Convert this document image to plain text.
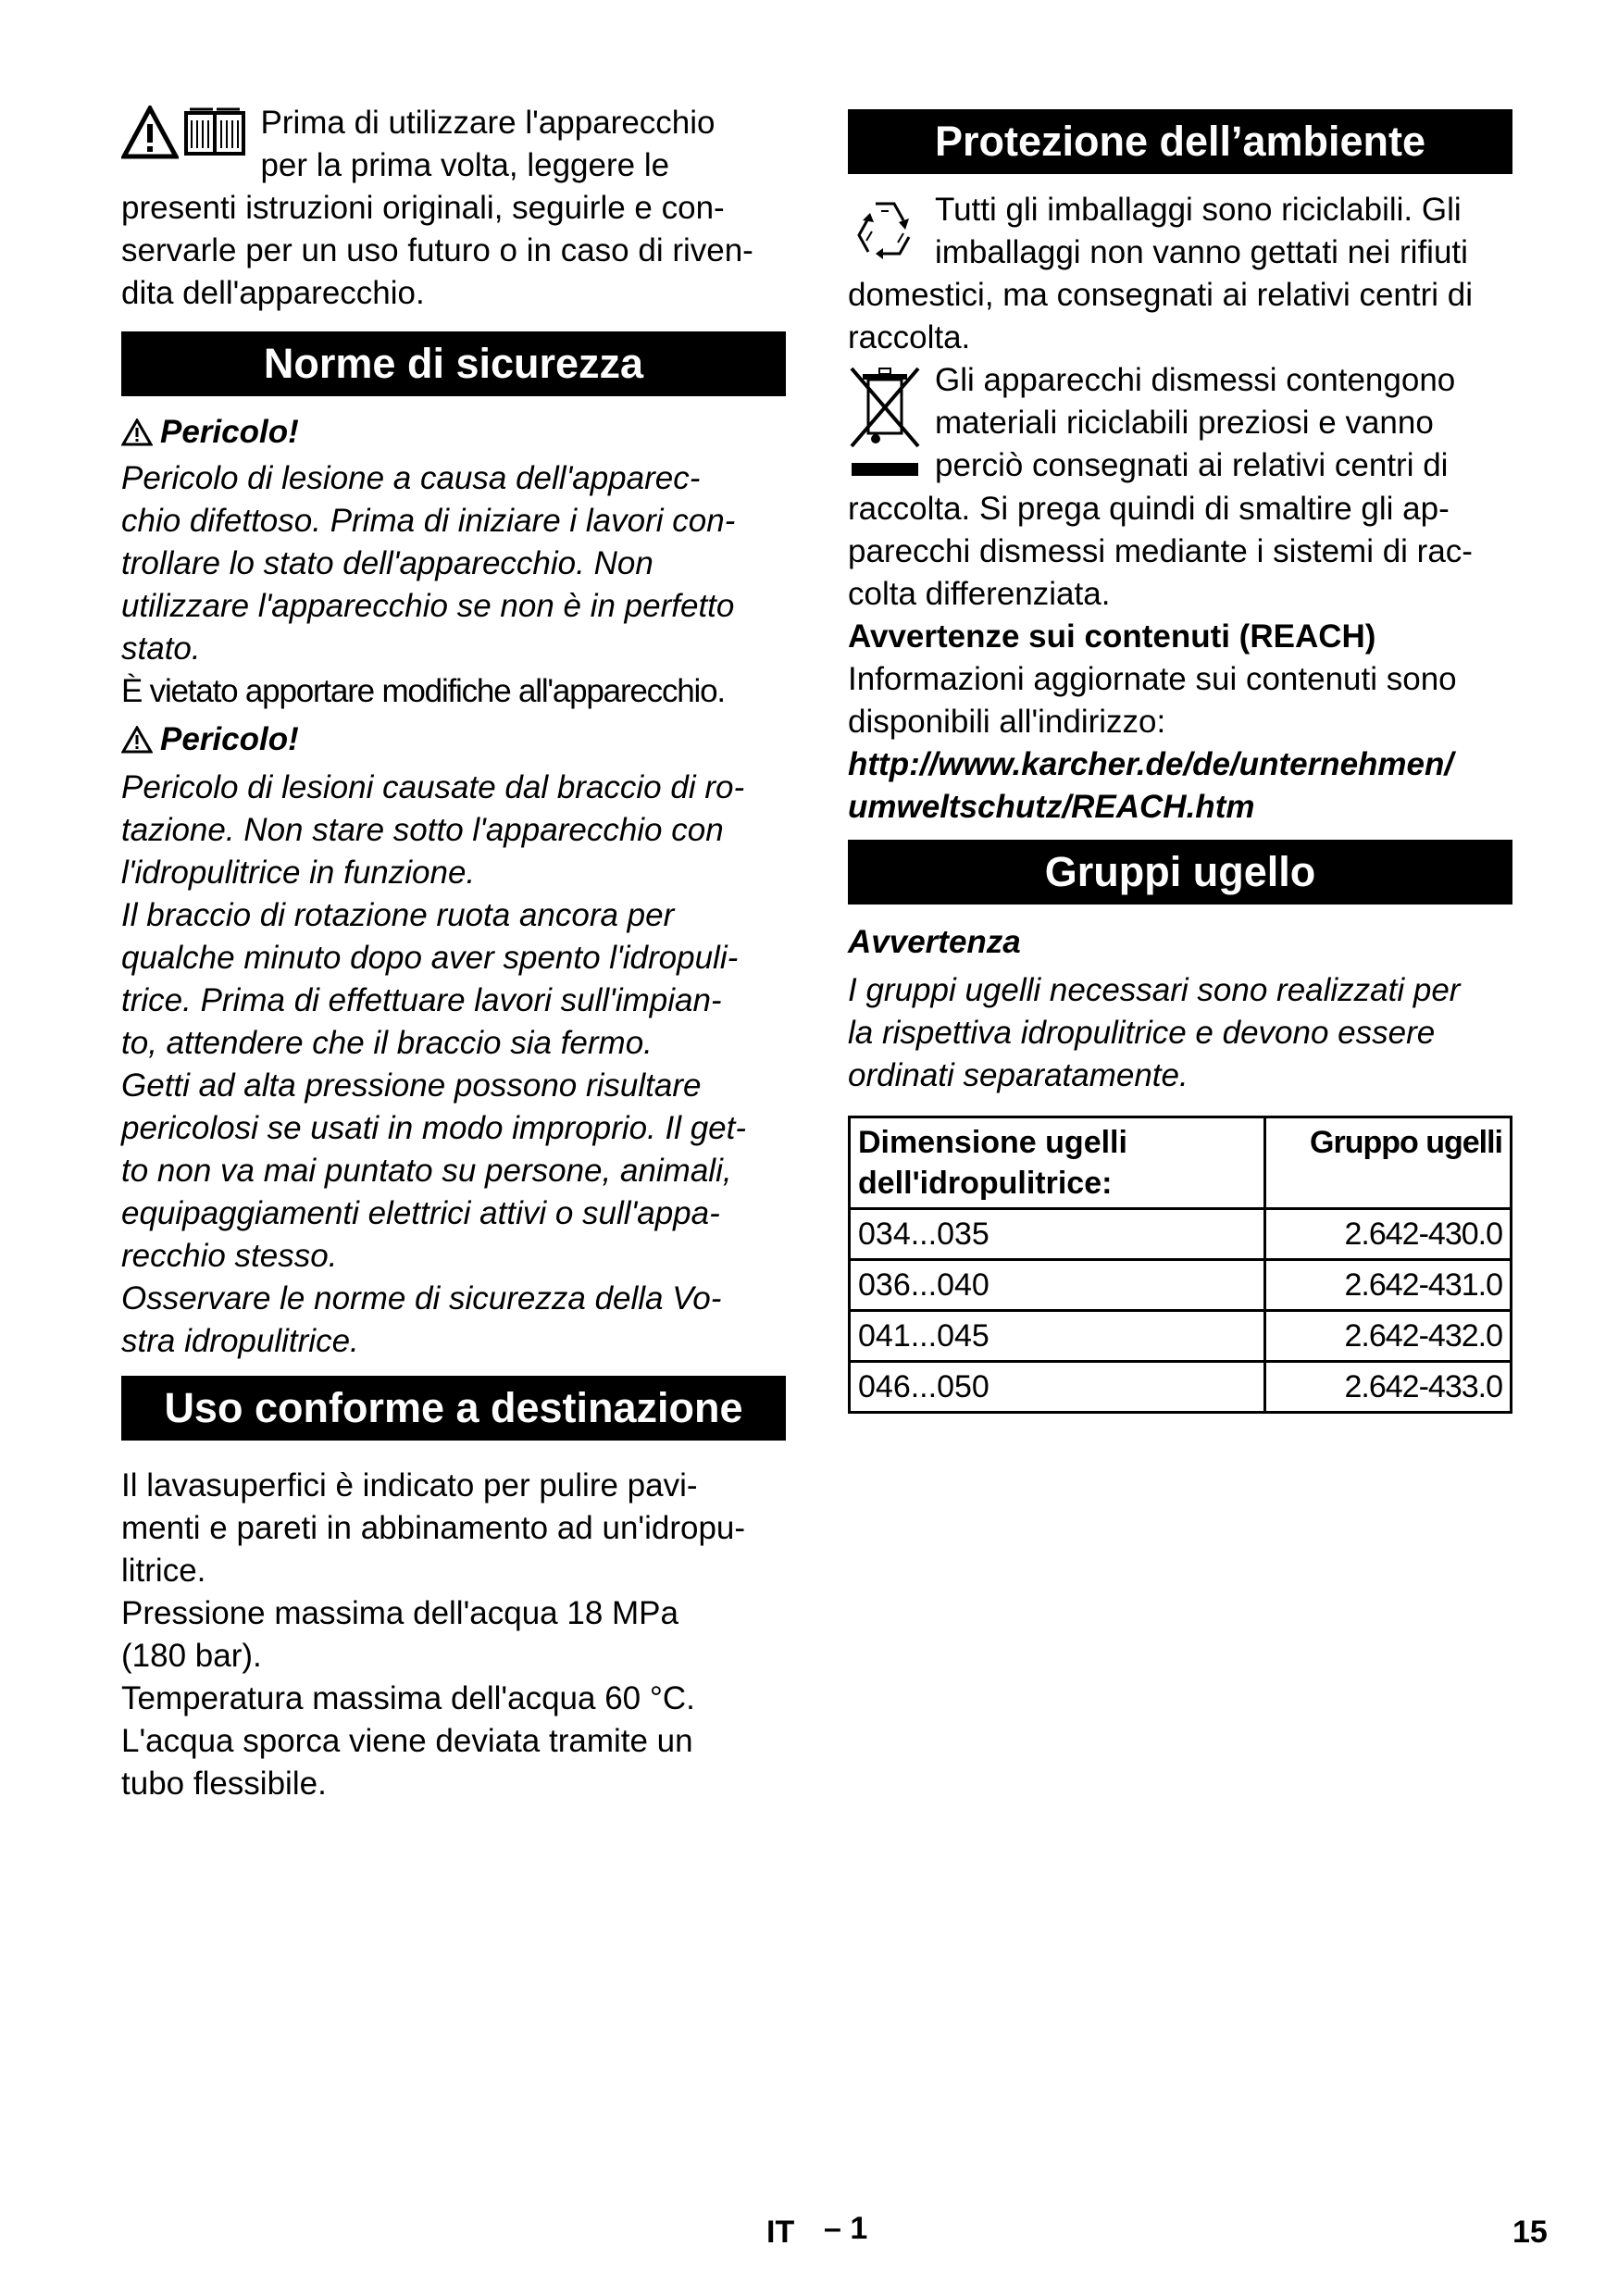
Prima di utilizzare l'apparecchio

per la prima volta, leggere le

presenti istruzioni originali, seguirle e con-

servarle per un uso futuro o in caso di riven-

dita dell'apparecchio.

Norme di sicurezza
Pericolo!

Pericolo di lesione a causa dell'apparec-

chio difettoso. Prima di iniziare i lavori con-

trollare lo stato dell'apparecchio. Non

utilizzare l'apparecchio se non è in perfetto

stato.

È vietato apportare modifiche all'apparecchio.

Pericolo!

Pericolo di lesioni causate dal braccio di ro-

tazione. Non stare sotto l'apparecchio con

l'idropulitrice in funzione.

Il braccio di rotazione ruota ancora per

qualche minuto dopo aver spento l'idropuli-

trice. Prima di effettuare lavori sull'impian-

to, attendere che il braccio sia fermo.

Getti ad alta pressione possono risultare

pericolosi se usati in modo improprio. Il get-

to non va mai puntato su persone, animali,

equipaggiamenti elettrici attivi o sull'appa-

recchio stesso.

Osservare le norme di sicurezza della Vo-

stra idropulitrice.

Uso conforme a destinazione

Il lavasuperfici è indicato per pulire pavi-

menti e pareti in abbinamento ad un'idropu-

litrice.

Pressione massima dell'acqua 18 MPa

(180 bar).

Temperatura massima dell'acqua 60 °C.

L'acqua sporca viene deviata tramite un

tubo flessibile.

Protezione dell’ambiente

Tutti gli imballaggi sono riciclabili. Gli

imballaggi non vanno gettati nei rifiuti

domestici, ma consegnati ai relativi centri di

raccolta.

Gli apparecchi dismessi contengono

materiali riciclabili preziosi e vanno

perciò consegnati ai relativi centri di

raccolta. Si prega quindi di smaltire gli ap-

parecchi dismessi mediante i sistemi di rac-

colta differenziata.

Avvertenze sui contenuti (REACH)

Informazioni aggiornate sui contenuti sono

disponibili all'indirizzo:

http://www.karcher.de/de/unternehmen/

umweltschutz/REACH.htm

Gruppi ugello

Avvertenza

I gruppi ugelli necessari sono realizzati per

la rispettiva idropulitrice e devono essere

ordinati separatamente.

Dimensione ugelli
dell'idropulitrice:	Gruppo ugelli
034...035	2.642-430.0
036...040	2.642-431.0
041...045	2.642-432.0
046...050	2.642-433.0
IT – 1	15
